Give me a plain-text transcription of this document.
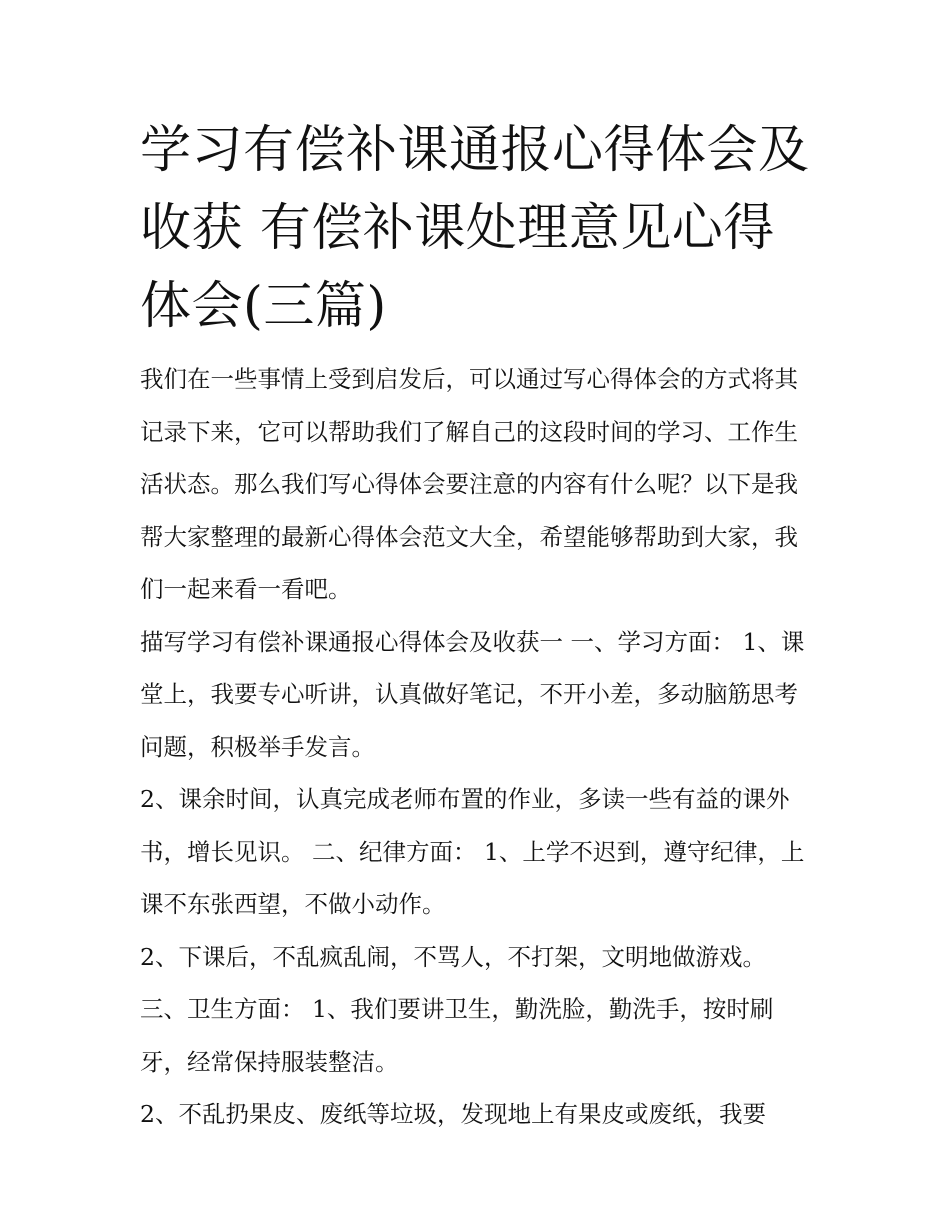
学习有偿补课通报心得体会及收获 有偿补课处理意见心得体会(三篇)

我们在一些事情上受到启发后，可以通过写心得体会的方式将其记录下来，它可以帮助我们了解自己的这段时间的学习、工作生活状态。那么我们写心得体会要注意的内容有什么呢？以下是我帮大家整理的最新心得体会范文大全，希望能够帮助到大家，我们一起来看一看吧。

描写学习有偿补课通报心得体会及收获一 一、学习方面： 1、课堂上，我要专心听讲，认真做好笔记，不开小差，多动脑筋思考问题，积极举手发言。

2、课余时间，认真完成老师布置的作业，多读一些有益的课外书，增长见识。 二、纪律方面： 1、上学不迟到，遵守纪律，上课不东张西望，不做小动作。

2、下课后，不乱疯乱闹，不骂人，不打架，文明地做游戏。

三、卫生方面： 1、我们要讲卫生，勤洗脸，勤洗手，按时刷牙，经常保持服装整洁。

2、不乱扔果皮、废纸等垃圾，发现地上有果皮或废纸，我要
